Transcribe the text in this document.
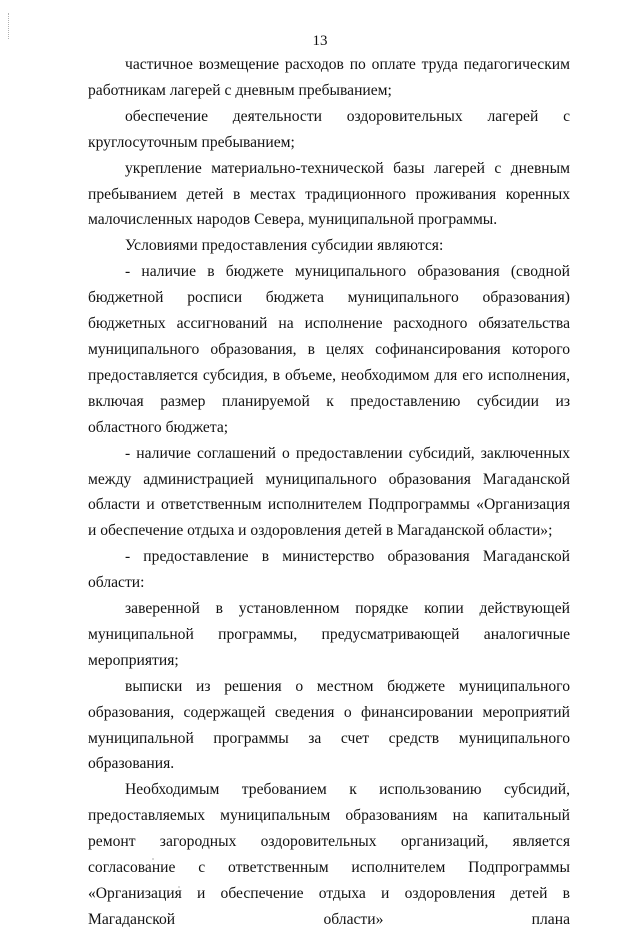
13

частичное возмещение расходов по оплате труда педагогическим работникам лагерей с дневным пребыванием;

обеспечение деятельности оздоровительных лагерей с круглосуточным пребыванием;

укрепление материально-технической базы лагерей с дневным пребыванием детей в местах традиционного проживания коренных малочисленных народов Севера, муниципальной программы.

Условиями предоставления субсидии являются:

- наличие в бюджете муниципального образования (сводной бюджетной росписи бюджета муниципального образования) бюджетных ассигнований на исполнение расходного обязательства муниципального образования, в целях софинансирования которого предоставляется субсидия, в объеме, необходимом для его исполнения, включая размер планируемой к предоставлению субсидии из областного бюджета;

- наличие соглашений о предоставлении субсидий, заключенных между администрацией муниципального образования Магаданской области и ответственным исполнителем Подпрограммы «Организация и обеспечение отдыха и оздоровления детей в Магаданской области»;

- предоставление в министерство образования Магаданской области:

заверенной в установленном порядке копии действующей муниципальной программы, предусматривающей аналогичные мероприятия;

выписки из решения о местном бюджете муниципального образования, содержащей сведения о финансировании мероприятий муниципальной программы за счет средств муниципального образования.

Необходимым требованием к использованию субсидий, предоставляемых муниципальным образованиям на капитальный ремонт загородных оздоровительных организаций, является согласование с ответственным исполнителем Подпрограммы «Организация и обеспечение отдыха и оздоровления детей в Магаданской области» плана
